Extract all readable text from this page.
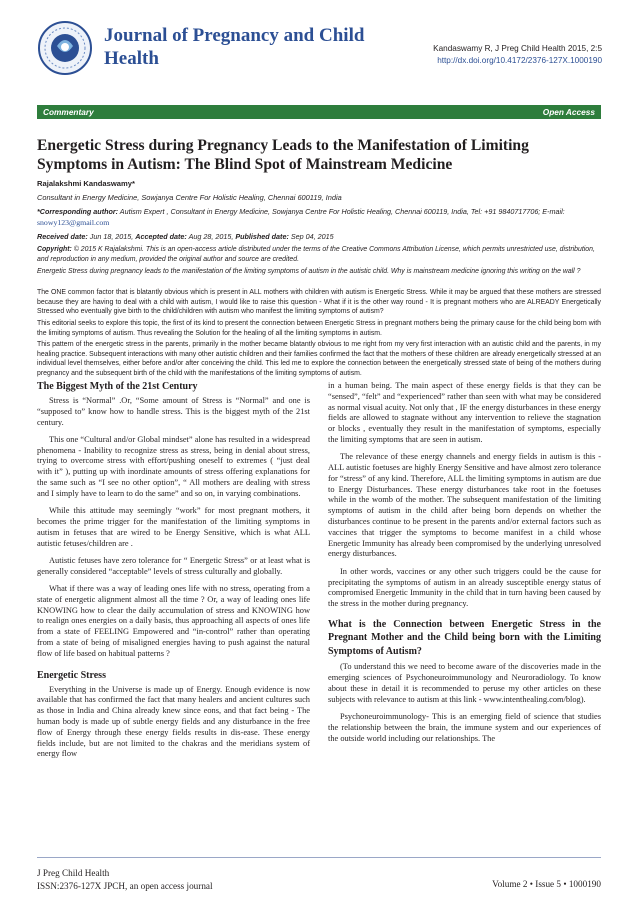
Journal of Pregnancy and Child Health	Kandaswamy R, J Preg Child Health 2015, 2:5
http://dx.doi.org/10.4172/2376-127X.1000190
Commentary	Open Access
Energetic Stress during Pregnancy Leads to the Manifestation of Limiting Symptoms in Autism: The Blind Spot of Mainstream Medicine
Rajalakshmi Kandaswamy*
Consultant in Energy Medicine, Sowjanya Centre For Holistic Healing, Chennai 600119, India
*Corresponding author: Autism Expert , Consultant in Energy Medicine, Sowjanya Centre For Holistic Healing, Chennai 600119, India, Tel: +91 9840717706; E-mail:
snowy123@gmail.com
Received date: Jun 18, 2015, Accepted date: Aug 28, 2015, Published date: Sep 04, 2015
Copyright: © 2015 K Rajalakshmi. This is an open-access article distributed under the terms of the Creative Commons Attribution License, which permits unrestricted use, distribution, and reproduction in any medium, provided the original author and source are credited.
Energetic Stress during pregnancy leads to the manifestation of the limiting symptoms of autism in the autistic child. Why is mainstream medicine ignoring this writing on the wall ?
The ONE common factor that is blatantly obvious which is present in ALL mothers with children with autism is Energetic Stress. While it may be argued that these mothers are stressed because they are having to deal with a child with autism, I would like to raise this question - What if it is the other way round - It is pregnant mothers who are ALREADY Energetically Stressed who eventually give birth to the child/children with autism who manifest the limiting symptoms of autism?
This editorial seeks to explore this topic, the first of its kind to present the connection between Energetic Stress in pregnant mothers being the primary cause for the child being born with the limiting symptoms of autism. Thus revealing the Solution for the healing of all the limiting symptoms in autism.
This pattern of the energetic stress in the parents, primarily in the mother became blatantly obvious to me right from my very first interaction with an autistic child and the parents, in my healing practice. Subsequent interactions with many other autistic children and their families confirmed the fact that the mothers of these children are already energetically stressed at an individual level themselves, either before and/or after conceiving the child. This led me to explore the connection between the energetically stressed state of being of the mothers during pregnancy and the subsequent birth of the child with the manifestations of the limiting symptoms of autism.
The Biggest Myth of the 21st Century

Stress is “Normal” .Or, “Some amount of Stress is “Normal” and one is “supposed to” know how to handle stress. This is the biggest myth of the 21st century.

This one “Cultural and/or Global mindset” alone has resulted in a widespread phenomena - Inability to recognize stress as stress, being in denial about stress, trying to overcome stress with effort/pushing oneself to extremes ( “just deal with it” ), putting up with inordinate amounts of stress offering explanations for the same such as “I see no other option”, “ All mothers are dealing with stress and I simply have to learn to do the same” and so on, in varying combinations.

While this attitude may seemingly “work” for most pregnant mothers, it becomes the prime trigger for the manifestation of the limiting symptoms in autism in fetuses that are wired to be Energy Sensitive, which is what ALL autistic fetuses/children are .

Autistic fetuses have zero tolerance for “ Energetic Stress” or at least what is generally considered “acceptable” levels of stress culturally and globally.

What if there was a way of leading ones life with no stress, operating from a state of energetic alignment almost all the time ? Or, a way of leading ones life KNOWING how to clear the daily accumulation of stress and KNOWING how to realign ones energies on a daily basis, thus approaching all aspects of ones life from a state of FEELING Empowered and “in-control” rather than operating from a state of being of misaligned energies having to push against the natural flow of life based on habitual patterns ?

Energetic Stress

Everything in the Universe is made up of Energy. Enough evidence is now available that has confirmed the fact that many healers and ancient cultures such as those in India and China already knew since eons, and that fact being - The human body is made up of subtle energy fields and any disturbance in the free flow of Energy through these energy fields results in dis-ease. These energy fields include, but are not limited to the chakras and the meridians system of energy flow

in a human being. The main aspect of these energy fields is that they can be “sensed”, “felt” and “experienced” rather than seen with what may be considered as normal visual acuity. Not only that , IF the energy disturbances in these energy fields are allowed to stagnate without any intervention to relieve the stagnation or blocks , eventually they result in the manifestation of symptoms, especially the limiting symptoms that are seen in autism.

The relevance of these energy channels and energy fields in autism is this - ALL autistic foetuses are highly Energy Sensitive and have almost zero tolerance for “stress” of any kind. Therefore, ALL the limiting symptoms in autism are due to Energy Disturbances. These energy disturbances take root in the foetuses while in the womb of the mother. The subsequent manifestation of the limiting symptoms of autism in the child after being born depends on whether the disturbances continue to be present in the parents and/or external factors such as vaccines that trigger the symptoms to become manifest in a child whose Energetic Immunity has already been compromised by the underlying unresolved energy disturbances.

In other words, vaccines or any other such triggers could be the cause for precipitating the symptoms of autism in an already susceptible energy status of compromised Energetic Immunity in the child that in turn having been caused by the stress in the mother during pregnancy.

What is the Connection between Energetic Stress in the Pregnant Mother and the Child being born with the Limiting Symptoms of Autism?

(To understand this we need to become aware of the discoveries made in the emerging sciences of Psychoneuroimmunology and Neuroradiology. To know about these in detail it is recommended to peruse my other articles on these subjects with relevance to autism at this link - www.intenthealing.com/blog).

Psychoneuroimmunology- This is an emerging field of science that studies the relationship between the brain, the immune system and our experiences of the outside world including our relationships. The

J Preg Child Health
ISSN:2376-127X JPCH, an open access journal	Volume 2 • Issue 5 • 1000190
